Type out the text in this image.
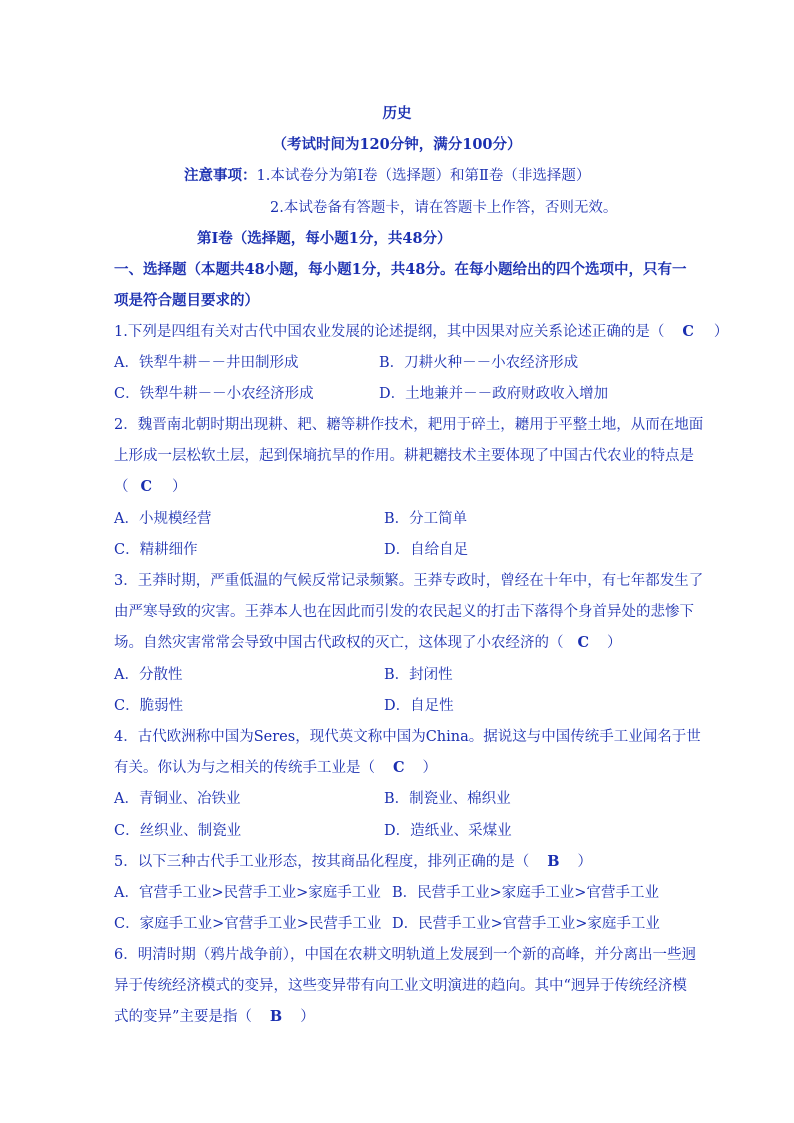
历史
（考试时间为120分钟，满分100分）
注意事项：1.本试卷分为第Ⅰ卷（选择题）和第Ⅱ卷（非选择题）
2.本试卷备有答题卡，请在答题卡上作答，否则无效。
第Ⅰ卷（选择题，每小题1分，共48分）
一、选择题（本题共48小题，每小题1分，共48分。在每小题给出的四个选项中，只有一
项是符合题目要求的）
1.下列是四组有关对古代中国农业发展的论述提纲，其中因果对应关系论述正确的是（ C ）
A．铁犁牛耕－－井田制形成	B．刀耕火种－－小农经济形成
C．铁犁牛耕－－小农经济形成	D．土地兼并－－政府财政收入增加
2．魏晋南北朝时期出现耕、耙、耱等耕作技术，耙用于碎土，耱用于平整土地，从而在地面
上形成一层松软土层，起到保墒抗旱的作用。耕耙耱技术主要体现了中国古代农业的特点是
（ C ）
A．小规模经营	B．分工简单
C．精耕细作	D．自给自足
3．王莽时期，严重低温的气候反常记录频繁。王莽专政时，曾经在十年中，有七年都发生了
由严寒导致的灾害。王莽本人也在因此而引发的农民起义的打击下落得个身首异处的悲惨下
场。自然灾害常常会导致中国古代政权的灭亡，这体现了小农经济的（ C ）
A．分散性	B．封闭性
C．脆弱性	D．自足性
4．古代欧洲称中国为Seres，现代英文称中国为China。据说这与中国传统手工业闻名于世
有关。你认为与之相关的传统手工业是（ C ）
A．青铜业、冶铁业	B．制瓷业、棉织业
C．丝织业、制瓷业	D．造纸业、采煤业
5．以下三种古代手工业形态，按其商品化程度，排列正确的是（ B ）
A．官营手工业>民营手工业>家庭手工业 B．民营手工业>家庭手工业>官营手工业
C．家庭手工业>官营手工业>民营手工业 D．民营手工业>官营手工业>家庭手工业
6．明清时期（鸦片战争前），中国在农耕文明轨道上发展到一个新的高峰，并分离出一些迥
异于传统经济模式的变异，这些变异带有向工业文明演进的趋向。其中“迥异于传统经济模
式的变异”主要是指（ B ）
